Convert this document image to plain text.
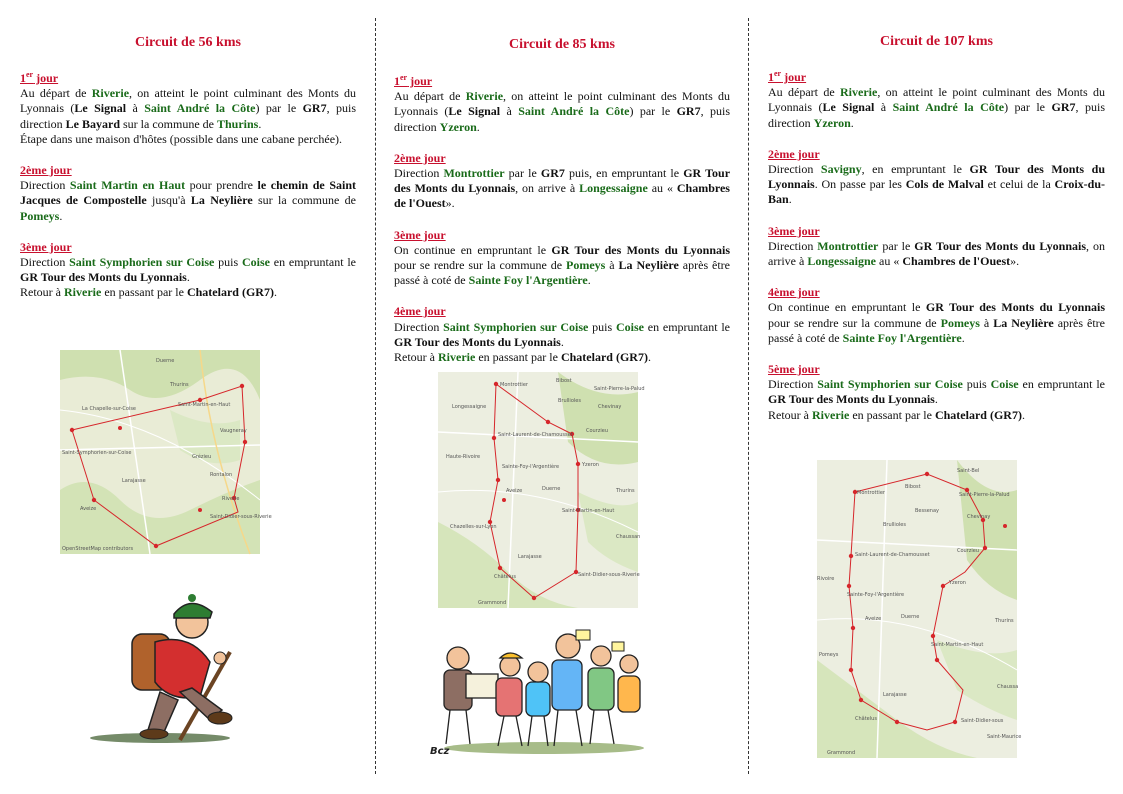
Circuit de 56 kms
1er jour

Au départ de Riverie, on atteint le point culminant des Monts du Lyonnais (Le Signal à Saint André la Côte) par le GR7, puis direction Le Bayard sur la commune de Thurins.

Étape dans une maison d'hôtes (possible dans une cabane perchée).

2ème jour

Direction Saint Martin en Haut pour prendre le chemin de Saint Jacques de Compostelle jusqu'à La Neylière sur la commune de Pomeys.

3ème jour

Direction Saint Symphorien sur Coise puis Coise en empruntant le GR Tour des Monts du Lyonnais.

Retour à Riverie en passant par le Chatelard (GR7).

Duerne
La Chapelle-sur-Coise
Saint-Martin-en-Haut
Vaugneray
Saint-Symphorien-sur-Coise
Grézieu
Larajasse
Rontalon
Riverie
Saint-Didier-sous-Riverie
Aveize
Thurins
OpenStreetMap contributors
Circuit de 85 kms
1er jour

Au départ de Riverie, on atteint le point culminant des Monts du Lyonnais (Le Signal à Saint André la Côte) par le GR7, puis direction Yzeron.

2ème jour

Direction Montrottier par le GR7 puis, en empruntant le GR Tour des Monts du Lyonnais, on arrive à Longessaigne au « Chambres de l'Ouest».

3ème jour

On continue en empruntant le GR Tour des Monts du Lyonnais pour se rendre sur la commune de Pomeys à La Neylière après être passé à coté de Sainte Foy l'Argentière.

4ème jour

Direction Saint Symphorien sur Coise puis Coise en empruntant le GR Tour des Monts du Lyonnais.

Retour à Riverie en passant par le Chatelard (GR7).

Montrottier
Bibost
Saint-Pierre-la-Palud
Longessaigne
Brullioles
Chevinay
Saint-Laurent-de-Chamousset
Courzieu
Haute-Rivoire
Sainte-Foy-l'Argentière	Yzeron
Aveize	Duerne	Thurins
Saint-Martin-en-Haut
Chazelles-sur-Lyon
Larajasse
Saint-Didier-sous-Riverie
Châtelus
Grammond
Chaussan
Bcz
Circuit de 107 kms
1er jour

Au départ de Riverie, on atteint le point culminant des Monts du Lyonnais (Le Signal à Saint André la Côte) par le GR7, puis direction Yzeron.

2ème jour

Direction Savigny, en empruntant le GR Tour des Monts du Lyonnais. On passe par les Cols de Malval et celui de la Croix-du-Ban.

3ème jour

Direction Montrottier par le GR Tour des Monts du Lyonnais, on arrive à Longessaigne au « Chambres de l'Ouest».

4ème jour

On continue en empruntant le GR Tour des Monts du Lyonnais pour se rendre sur la commune de Pomeys à La Neylière après être passé à coté de Sainte Foy l'Argentière.

5ème jour

Direction Saint Symphorien sur Coise puis Coise en empruntant le GR Tour des Monts du Lyonnais.

Retour à Riverie en passant par le Chatelard (GR7).

Saint-Bel
Montrottier
Bibost
Saint-Pierre-la-Palud
Bessenay
Brullioles
Chevinay
Saint-Laurent-de-Chamousset
Courzieu
Rivoire
Sainte-Foy-l'Argentière
Yzeron
Aveize	Duerne
Thurins
Saint-Martin-en-Haut
Pomeys
Larajasse
Châtelus	Saint-Didier-sous
Saint-Maurice
Grammond
Chaussa
